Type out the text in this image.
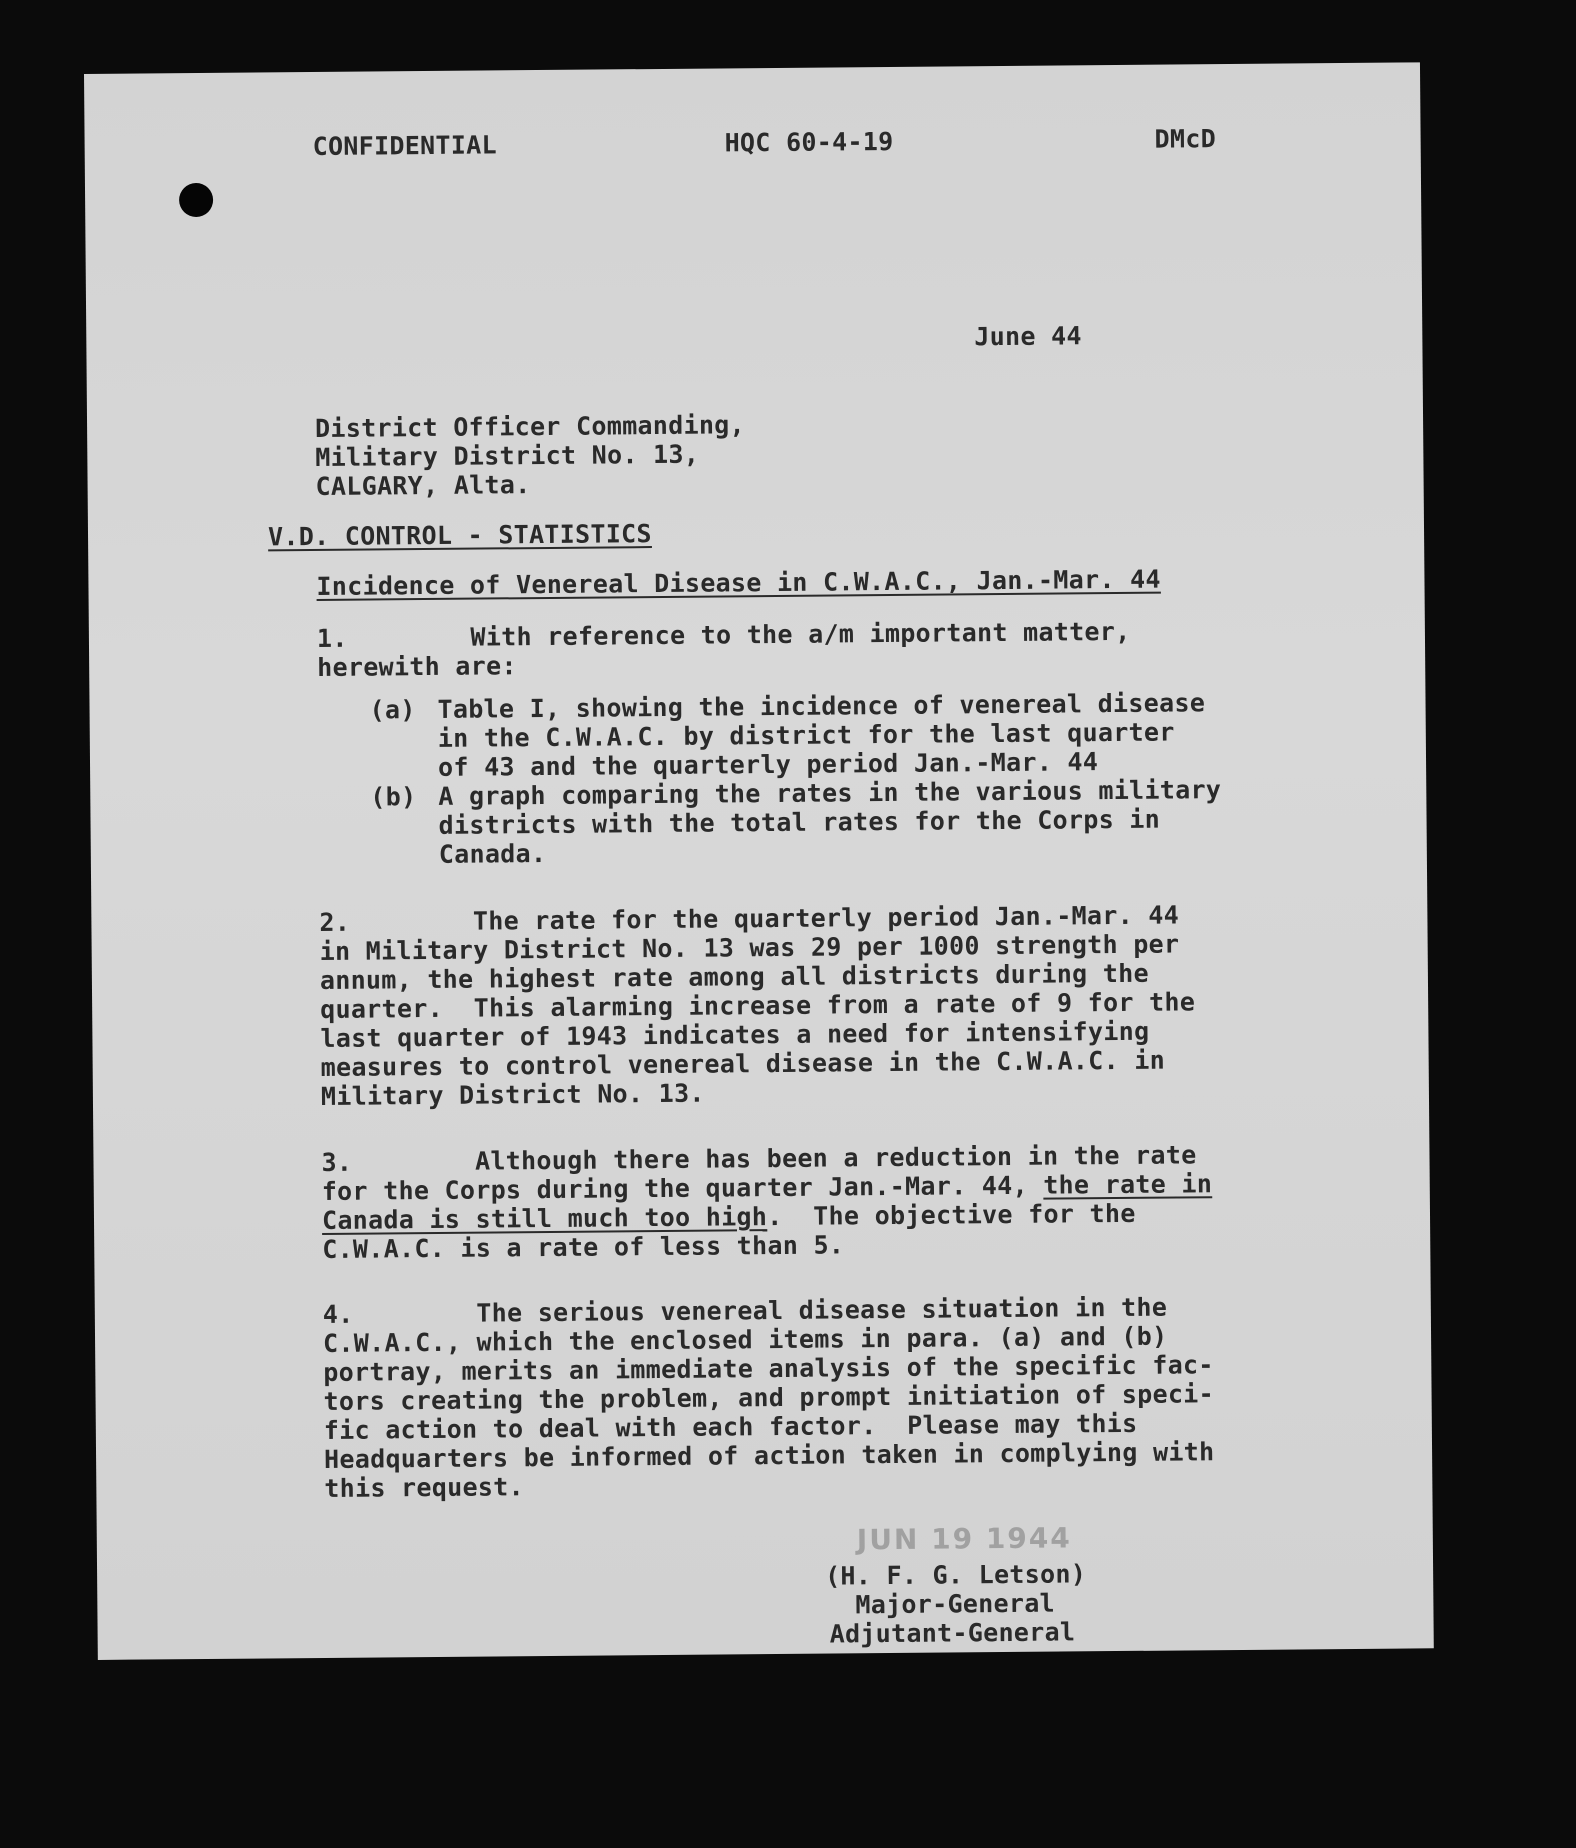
CONFIDENTIAL	HQC 60-4-19	DMcD
June 44
District Officer Commanding,
Military District No. 13,
CALGARY, Alta.
V.D. CONTROL - STATISTICS
Incidence of Venereal Disease in C.W.A.C., Jan.-Mar. 44
1.        With reference to the a/m important matter,
herewith are:
(a) Table I, showing the incidence of venereal disease
in the C.W.A.C. by district for the last quarter
of 43 and the quarterly period Jan.-Mar. 44
(b) A graph comparing the rates in the various military
districts with the total rates for the Corps in
Canada.
2.        The rate for the quarterly period Jan.-Mar. 44
in Military District No. 13 was 29 per 1000 strength per
annum, the highest rate among all districts during the
quarter.  This alarming increase from a rate of 9 for the
last quarter of 1943 indicates a need for intensifying
measures to control venereal disease in the C.W.A.C. in
Military District No. 13.
3.        Although there has been a reduction in the rate
for the Corps during the quarter Jan.-Mar. 44, the rate in
Canada is still much too high.  The objective for the
C.W.A.C. is a rate of less than 5.
4.        The serious venereal disease situation in the
C.W.A.C., which the enclosed items in para. (a) and (b)
portray, merits an immediate analysis of the specific fac-
tors creating the problem, and prompt initiation of speci-
fic action to deal with each factor.  Please may this
Headquarters be informed of action taken in complying with
this request.
JUN 19 1944
(H. F. G. Letson)
Major-General
Adjutant-General
